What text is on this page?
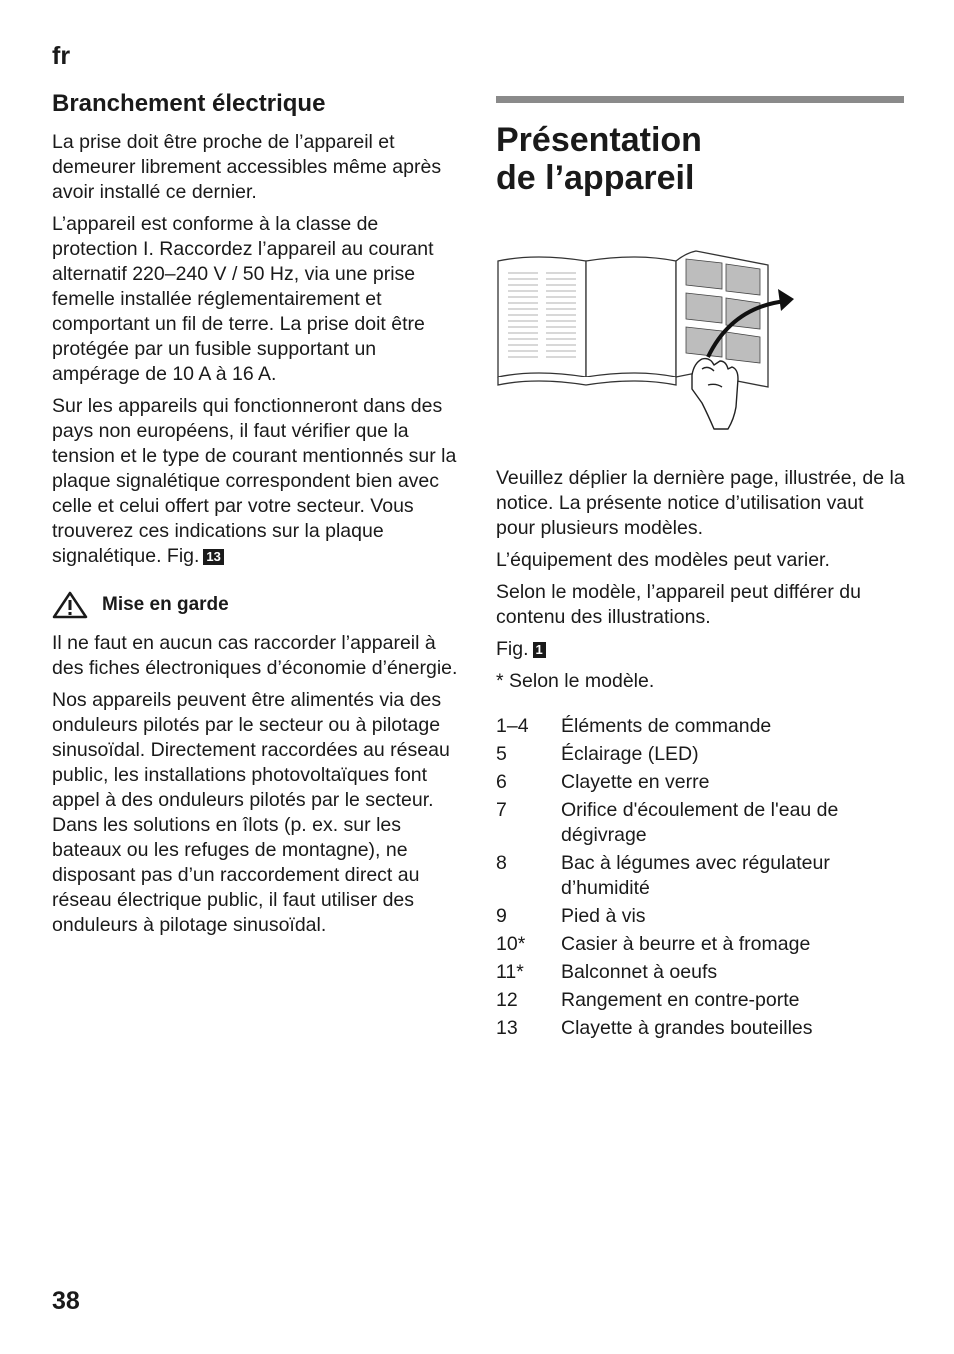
fr
Branchement électrique

La prise doit être proche de l’appareil et demeurer librement accessibles même après avoir installé ce dernier.

L’appareil est conforme à la classe de protection I. Raccordez l’appareil au courant alternatif 220–240 V / 50 Hz, via une prise femelle installée réglementairement et comportant un fil de terre. La prise doit être protégée par un fusible supportant un ampérage de 10 A à 16 A.

Sur les appareils qui fonctionneront dans des pays non européens, il faut vérifier que la tension et le type de courant mentionnés sur la plaque signalétique correspondent bien avec celle et celui offert par votre secteur. Vous trouverez ces indications sur la plaque signalétique. Fig. 13

Mise en garde

Il ne faut en aucun cas raccorder l’appareil à des fiches électroniques d’économie d’énergie.

Nos appareils peuvent être alimentés via des onduleurs pilotés par le secteur ou à pilotage sinusoïdal. Directement raccordées au réseau public, les installations photovoltaïques font appel à des onduleurs pilotés par le secteur. Dans les solutions en îlots (p. ex. sur les bateaux ou les refuges de montagne), ne disposant pas d’un raccordement direct au réseau électrique public, il faut utiliser des onduleurs à pilotage sinusoïdal.

Présentation
de l’appareil

Veuillez déplier la dernière page, illustrée, de la notice. La présente notice d’utilisation vaut pour plusieurs modèles.

L’équipement des modèles peut varier.

Selon le modèle, l’appareil peut différer du contenu des illustrations.

Fig. 1

* Selon le modèle.

1–4	Éléments de commande
5	Éclairage (LED)
6	Clayette en verre
7	Orifice d'écoulement de l'eau de dégivrage
8	Bac à légumes avec régulateur d’humidité
9	Pied à vis
10*	Casier à beurre et à fromage
11*	Balconnet à oeufs
12	Rangement en contre-porte
13	Clayette à grandes bouteilles
38
